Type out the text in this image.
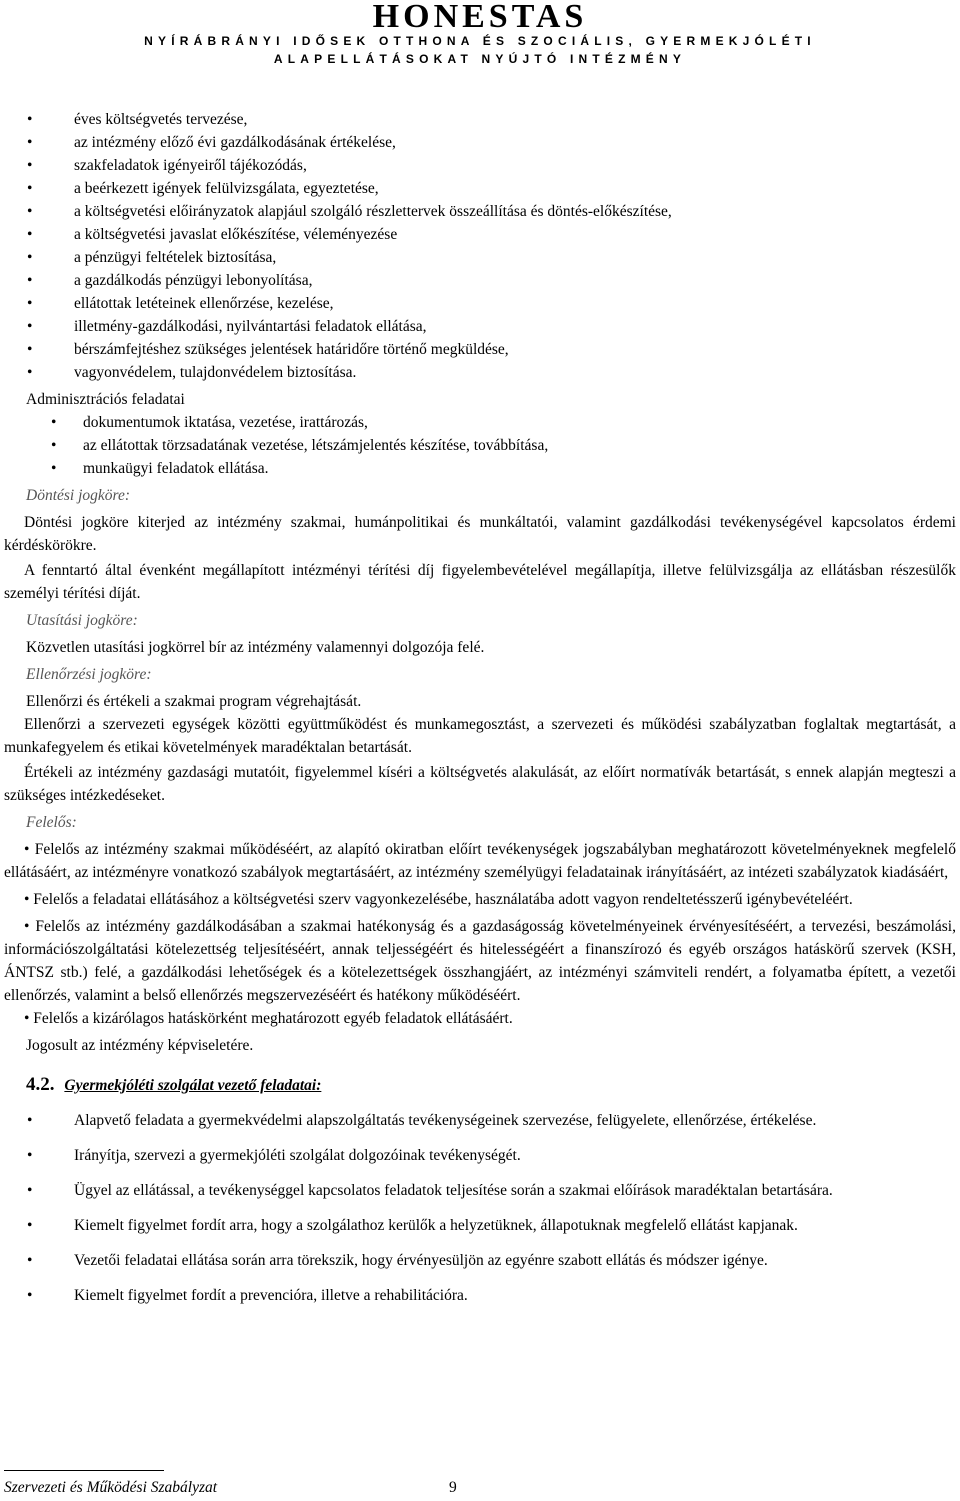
HONESTAS
NYÍRÁBRÁNYI IDŐSEK OTTHONA ÉS SZOCIÁLIS, GYERMEKJÓLÉTI
ALAPELLÁTÁSOKAT NYÚJTÓ INTÉZMÉNY
• éves költségvetés tervezése,
• az intézmény előző évi gazdálkodásának értékelése,
• szakfeladatok igényeiről tájékozódás,
• a beérkezett igények felülvizsgálata, egyeztetése,
• a költségvetési előirányzatok alapjául szolgáló részlettervek összeállítása és döntés-előkészítése,
• a költségvetési javaslat előkészítése, véleményezése
• a pénzügyi feltételek biztosítása,
• a gazdálkodás pénzügyi lebonyolítása,
• ellátottak letéteinek ellenőrzése, kezelése,
• illetmény-gazdálkodási, nyilvántartási feladatok ellátása,
• bérszámfejtéshez szükséges jelentések határidőre történő megküldése,
• vagyonvédelem, tulajdonvédelem biztosítása.

Adminisztrációs feladatai

• dokumentumok iktatása, vezetése, irattározás,
• az ellátottak törzsadatának vezetése, létszámjelentés készítése, továbbítása,
• munkaügyi feladatok ellátása.

Döntési jogköre:

Döntési jogköre kiterjed az intézmény szakmai, humánpolitikai és munkáltatói, valamint gazdálkodási tevékenységével kapcsolatos érdemi kérdéskörökre.

A fenntartó által évenként megállapított intézményi térítési díj figyelembevételével megállapítja, illetve felülvizsgálja az ellátásban részesülők személyi térítési díját.

Utasítási jogköre:

Közvetlen utasítási jogkörrel bír az intézmény valamennyi dolgozója felé.

Ellenőrzési jogköre:

Ellenőrzi és értékeli a szakmai program végrehajtását.

Ellenőrzi a szervezeti egységek közötti együttműködést és munkamegosztást, a szervezeti és működési szabályzatban foglaltak megtartását, a munkafegyelem és etikai követelmények maradéktalan betartását.

Értékeli az intézmény gazdasági mutatóit, figyelemmel kíséri a költségvetés alakulását, az előírt normatívák betartását, s ennek alapján megteszi a szükséges intézkedéseket.

Felelős:

• Felelős az intézmény szakmai működéséért, az alapító okiratban előírt tevékenységek jogszabályban meghatározott követelményeknek megfelelő ellátásáért, az intézményre vonatkozó szabályok megtartásáért, az intézmény személyügyi feladatainak irányításáért, az intézeti szabályzatok kiadásáért,

• Felelős a feladatai ellátásához a költségvetési szerv vagyonkezelésébe, használatába adott vagyon rendeltetésszerű igénybevételéért.

• Felelős az intézmény gazdálkodásában a szakmai hatékonyság és a gazdaságosság követelményeinek érvényesítéséért, a tervezési, beszámolási, információszolgáltatási kötelezettség teljesítéséért, annak teljességéért és hitelességéért a finanszírozó és egyéb országos hatáskörű szervek (KSH, ÁNTSZ stb.) felé, a gazdálkodási lehetőségek és a kötelezettségek összhangjáért, az intézményi számviteli rendért, a folyamatba épített, a vezetői ellenőrzés, valamint a belső ellenőrzés megszervezéséért és hatékony működéséért.

• Felelős a kizárólagos hatáskörként meghatározott egyéb feladatok ellátásáért.

Jogosult az intézmény képviseletére.

4.2. Gyermekjóléti szolgálat vezető feladatai:

• Alapvető feladata a gyermekvédelmi alapszolgáltatás tevékenységeinek szervezése, felügyelete, ellenőrzése, értékelése.

• Irányítja, szervezi a gyermekjóléti szolgálat dolgozóinak tevékenységét.

• Ügyel az ellátással, a tevékenységgel kapcsolatos feladatok teljesítése során a szakmai előírások maradéktalan betartására.

• Kiemelt figyelmet fordít arra, hogy a szolgálathoz kerülők a helyzetüknek, állapotuknak megfelelő ellátást kapjanak.

• Vezetői feladatai ellátása során arra törekszik, hogy érvényesüljön az egyénre szabott ellátás és módszer igénye.

• Kiemelt figyelmet fordít a prevencióra, illetve a rehabilitációra.

Szervezeti és Működési Szabályzat	9
